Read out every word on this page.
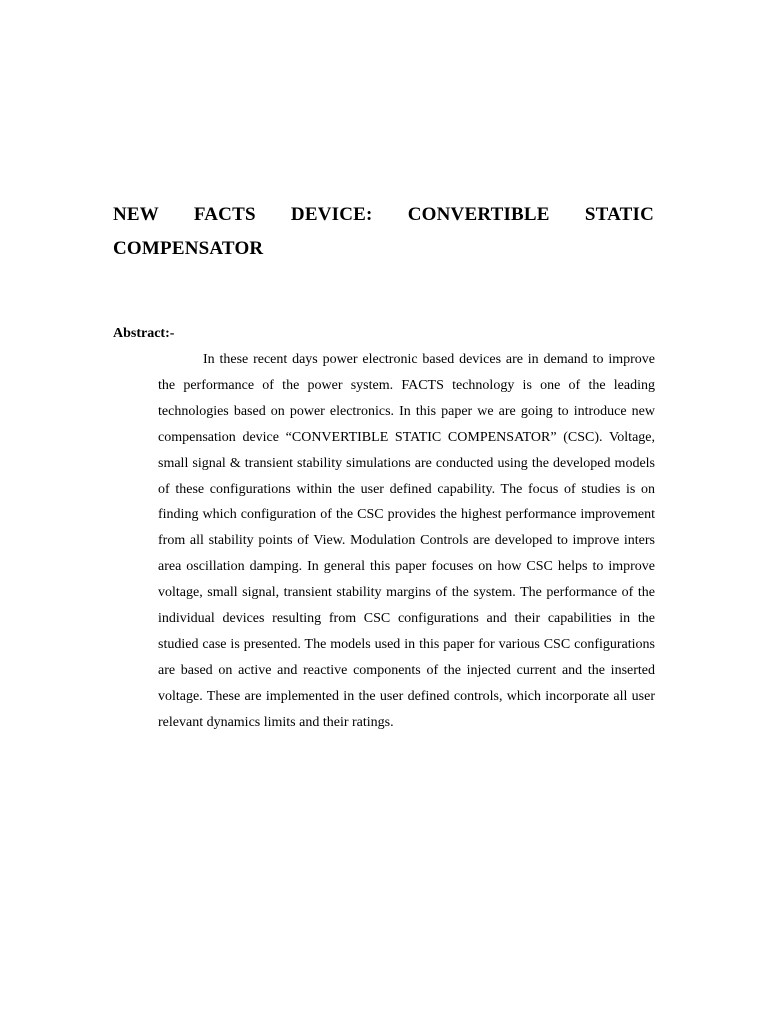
NEW FACTS DEVICE: CONVERTIBLE STATIC COMPENSATOR

Abstract:-

In these recent days power electronic based devices are in demand to improve the performance of the power system. FACTS technology is one of the leading technologies based on power electronics. In this paper we are going to introduce new compensation device “CONVERTIBLE STATIC COMPENSATOR” (CSC). Voltage, small signal & transient stability simulations are conducted using the developed models of these configurations within the user defined capability. The focus of studies is on finding which configuration of the CSC provides the highest performance improvement from all stability points of View. Modulation Controls are developed to improve inters area oscillation damping. In general this paper focuses on how CSC helps to improve voltage, small signal, transient stability margins of the system. The performance of the individual devices resulting from CSC configurations and their capabilities in the studied case is presented. The models used in this paper for various CSC configurations are based on active and reactive components of the injected current and the inserted voltage. These are implemented in the user defined controls, which incorporate all user relevant dynamics limits and their ratings.
